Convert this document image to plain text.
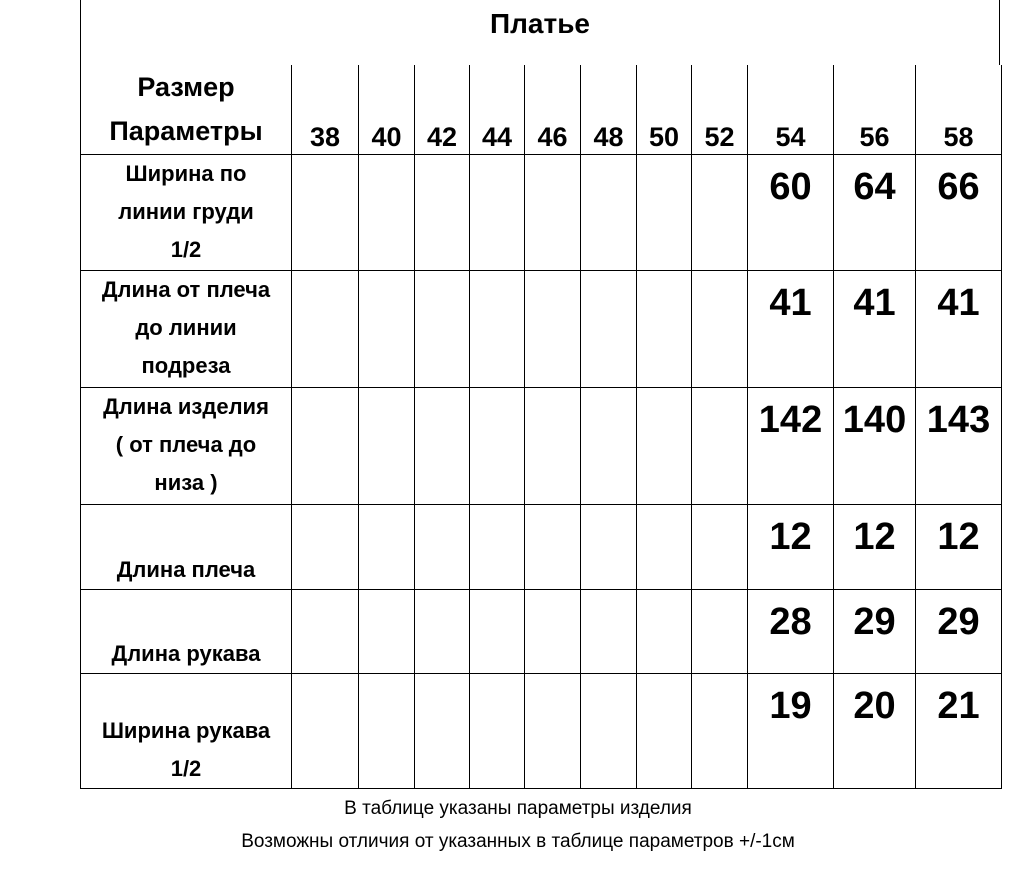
Платье
Размер
Параметры	38	40	42	44	46	48	50	52	54	56	58

Ширина по
линии груди
1/2									60	64	66

Длина от плеча
до линии
подреза									41	41	41

Длина изделия
( от плеча до
низа )									142	140	143

Длина плеча									12	12	12

Длина рукава									28	29	29

Ширина рукава
1/2									19	20	21
В таблице указаны параметры изделия
Возможны отличия от указанных в таблице параметров +/-1см
